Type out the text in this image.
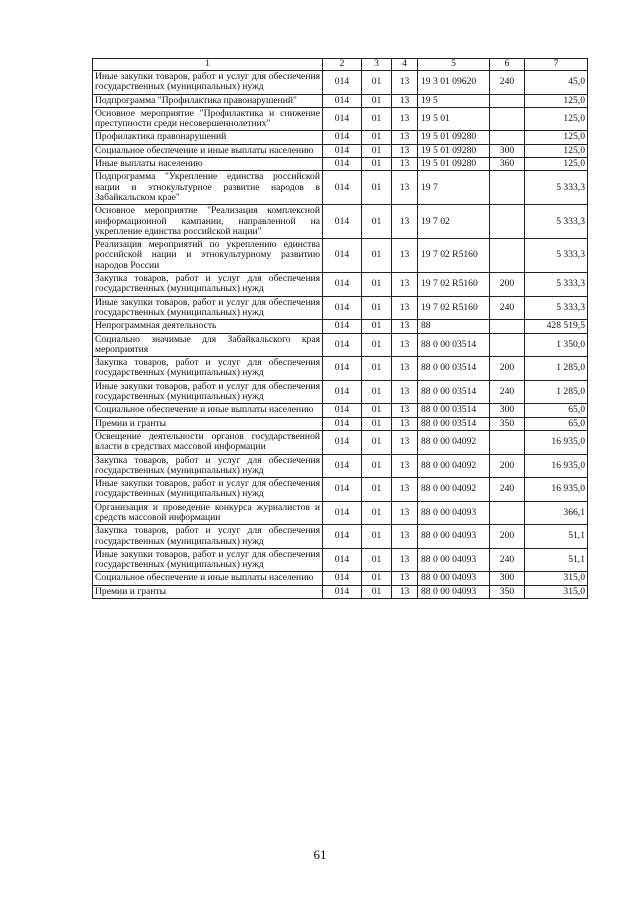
1	2	3	4	5	6	7
Иные закупки товаров, работ и услуг для обеспечения государственных (муниципальных) нужд	014	01	13	19 3 01 09620	240	45,0
Подпрограмма "Профилактика правонарушений"	014	01	13	19 5		125,0
Основное мероприятие "Профилактика и снижение преступности среди несовершеннолетних"	014	01	13	19 5 01		125,0
Профилактика правонарушений	014	01	13	19 5 01 09280		125,0
Социальное обеспечение и иные выплаты населению	014	01	13	19 5 01 09280	300	125,0
Иные выплаты населению	014	01	13	19 5 01 09280	360	125,0
Подпрограмма "Укрепление единства российской нации и этнокультурное развитие народов в Забайкальском крае"	014	01	13	19 7		5 333,3
Основное мероприятие "Реализация комплексной информационной кампании, направленной на укрепление единства российской нации"	014	01	13	19 7 02		5 333,3
Реализация мероприятий по укреплению единства российской нации и этнокультурному развитию народов России	014	01	13	19 7 02 R5160		5 333,3
Закупка товаров, работ и услуг для обеспечения государственных (муниципальных) нужд	014	01	13	19 7 02 R5160	200	5 333,3
Иные закупки товаров, работ и услуг для обеспечения государственных (муниципальных) нужд	014	01	13	19 7 02 R5160	240	5 333,3
Непрограммная деятельность	014	01	13	88		428 519,5
Социально значимые для Забайкальского края мероприятия	014	01	13	88 0 00 03514		1 350,0
Закупка товаров, работ и услуг для обеспечения государственных (муниципальных) нужд	014	01	13	88 0 00 03514	200	1 285,0
Иные закупки товаров, работ и услуг для обеспечения государственных (муниципальных) нужд	014	01	13	88 0 00 03514	240	1 285,0
Социальное обеспечение и иные выплаты населению	014	01	13	88 0 00 03514	300	65,0
Премии и гранты	014	01	13	88 0 00 03514	350	65,0
Освещение деятельности органов государственной власти в средствах массовой информации	014	01	13	88 0 00 04092		16 935,0
Закупка товаров, работ и услуг для обеспечения государственных (муниципальных) нужд	014	01	13	88 0 00 04092	200	16 935,0
Иные закупки товаров, работ и услуг для обеспечения государственных (муниципальных) нужд	014	01	13	88 0 00 04092	240	16 935,0
Организация и проведение конкурса журналистов и средств массовой информации	014	01	13	88 0 00 04093		366,1
Закупка товаров, работ и услуг для обеспечения государственных (муниципальных) нужд	014	01	13	88 0 00 04093	200	51,1
Иные закупки товаров, работ и услуг для обеспечения государственных (муниципальных) нужд	014	01	13	88 0 00 04093	240	51,1
Социальное обеспечение и иные выплаты населению	014	01	13	88 0 00 04093	300	315,0
Премии и гранты	014	01	13	88 0 00 04093	350	315,0
61
